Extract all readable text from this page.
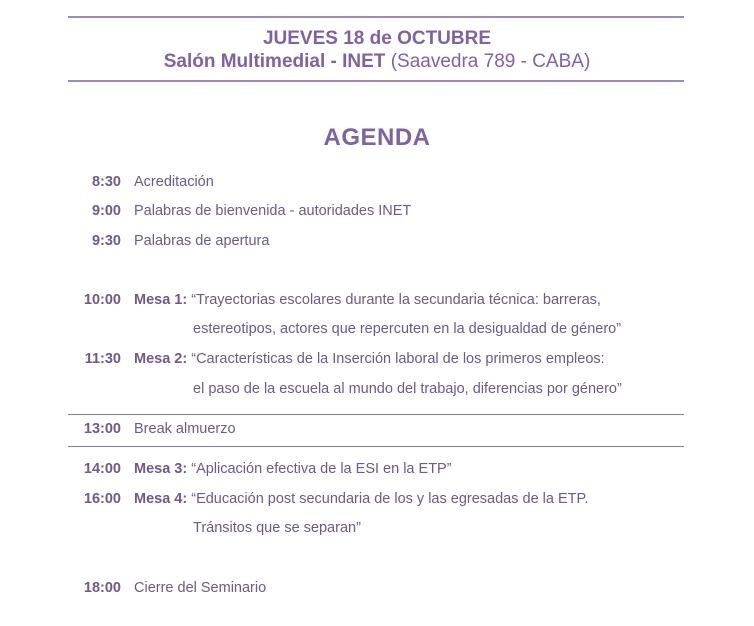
JUEVES 18 de OCTUBRE
Salón Multimedial - INET (Saavedra 789 - CABA)
AGENDA
8:30 Acreditación
9:00 Palabras de bienvenida - autoridades INET
9:30 Palabras de apertura
10:00 Mesa 1: “Trayectorias escolares durante la secundaria técnica: barreras,
estereotipos, actores que repercuten en la desigualdad de género”
11:30 Mesa 2: “Características de la Inserción laboral de los primeros empleos:
el paso de la escuela al mundo del trabajo, diferencias por género”
13:00 Break almuerzo
14:00 Mesa 3: “Aplicación efectiva de la ESI en la ETP”
16:00 Mesa 4: “Educación post secundaria de los y las egresadas de la ETP.
Tránsitos que se separan”
18:00 Cierre del Seminario
